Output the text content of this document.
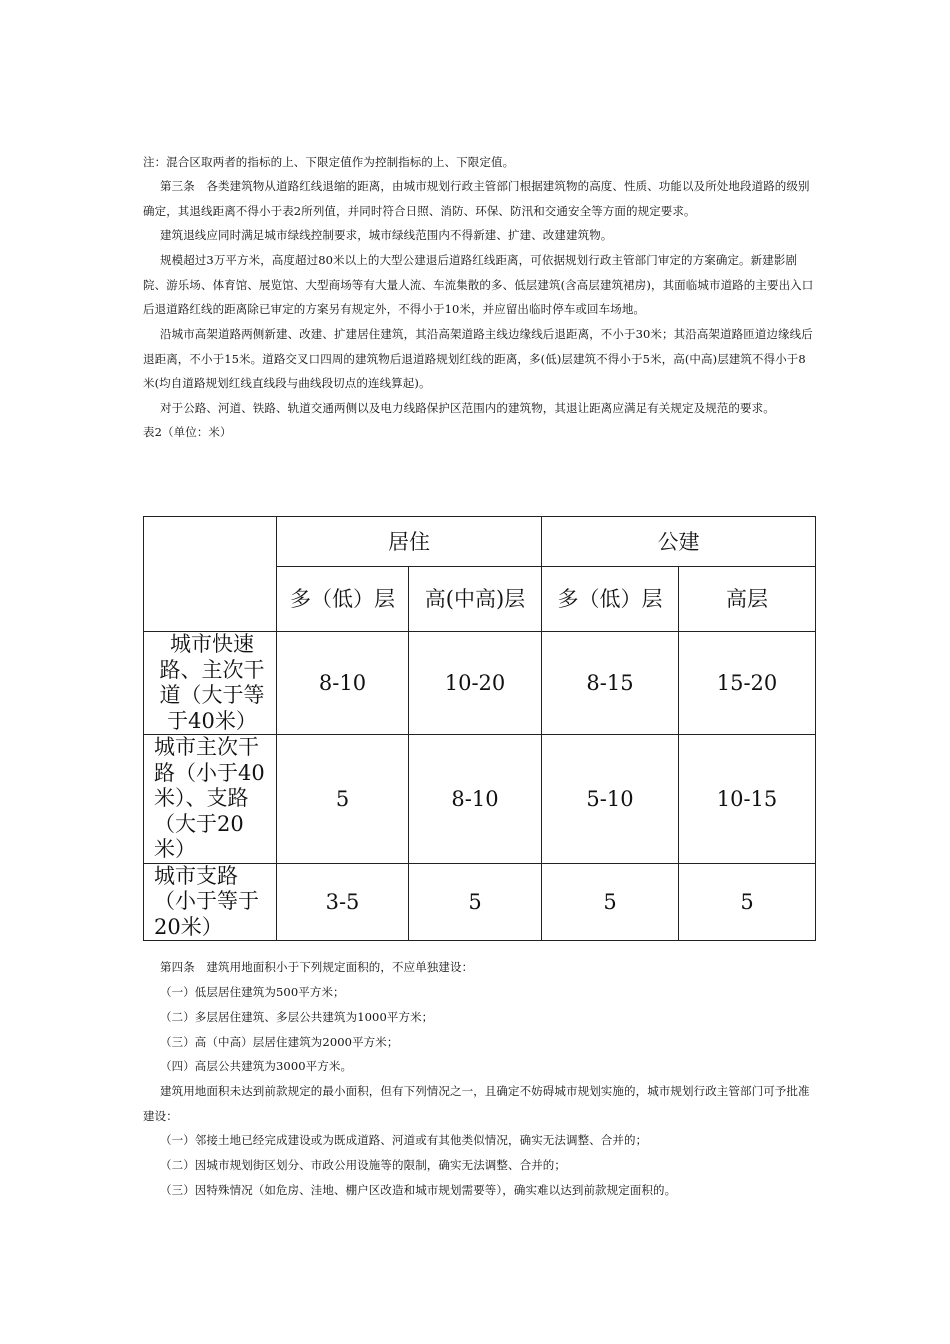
注：混合区取两者的指标的上、下限定值作为控制指标的上、下限定值。

第三条　各类建筑物从道路红线退缩的距离，由城市规划行政主管部门根据建筑物的高度、性质、功能以及所处地段道路的级别确定，其退线距离不得小于表2所列值，并同时符合日照、消防、环保、防汛和交通安全等方面的规定要求。

建筑退线应同时满足城市绿线控制要求，城市绿线范围内不得新建、扩建、改建建筑物。

规模超过3万平方米，高度超过80米以上的大型公建退后道路红线距离，可依据规划行政主管部门审定的方案确定。新建影剧院、游乐场、体育馆、展览馆、大型商场等有大量人流、车流集散的多、低层建筑(含高层建筑裙房)，其面临城市道路的主要出入口后退道路红线的距离除已审定的方案另有规定外，不得小于10米，并应留出临时停车或回车场地。

沿城市高架道路两侧新建、改建、扩建居住建筑，其沿高架道路主线边缘线后退距离，不小于30米；其沿高架道路匝道边缘线后退距离，不小于15米。道路交叉口四周的建筑物后退道路规划红线的距离，多(低)层建筑不得小于5米，高(中高)层建筑不得小于8米(均自道路规划红线直线段与曲线段切点的连线算起)。

对于公路、河道、铁路、轨道交通两侧以及电力线路保护区范围内的建筑物，其退让距离应满足有关规定及规范的要求。

表2（单位：米）

	居住		公建	
	多（低）层	高(中高)层	多（低）层	高层
城市快速路、主次干道（大于等于40米）	8-10	10-20	8-15	15-20
城市主次干路（小于40米）、支路（大于20米）	5	8-10	5-10	10-15
城市支路（小于等于20米）	3-5	5	5	5

第四条　建筑用地面积小于下列规定面积的，不应单独建设：

（一）低层居住建筑为500平方米；

（二）多层居住建筑、多层公共建筑为1000平方米；

（三）高（中高）层居住建筑为2000平方米；

（四）高层公共建筑为3000平方米。

建筑用地面积未达到前款规定的最小面积，但有下列情况之一，且确定不妨碍城市规划实施的，城市规划行政主管部门可予批准建设：

（一）邻接土地已经完成建设或为既成道路、河道或有其他类似情况，确实无法调整、合并的；

（二）因城市规划街区划分、市政公用设施等的限制，确实无法调整、合并的；

（三）因特殊情况（如危房、洼地、棚户区改造和城市规划需要等），确实难以达到前款规定面积的。
